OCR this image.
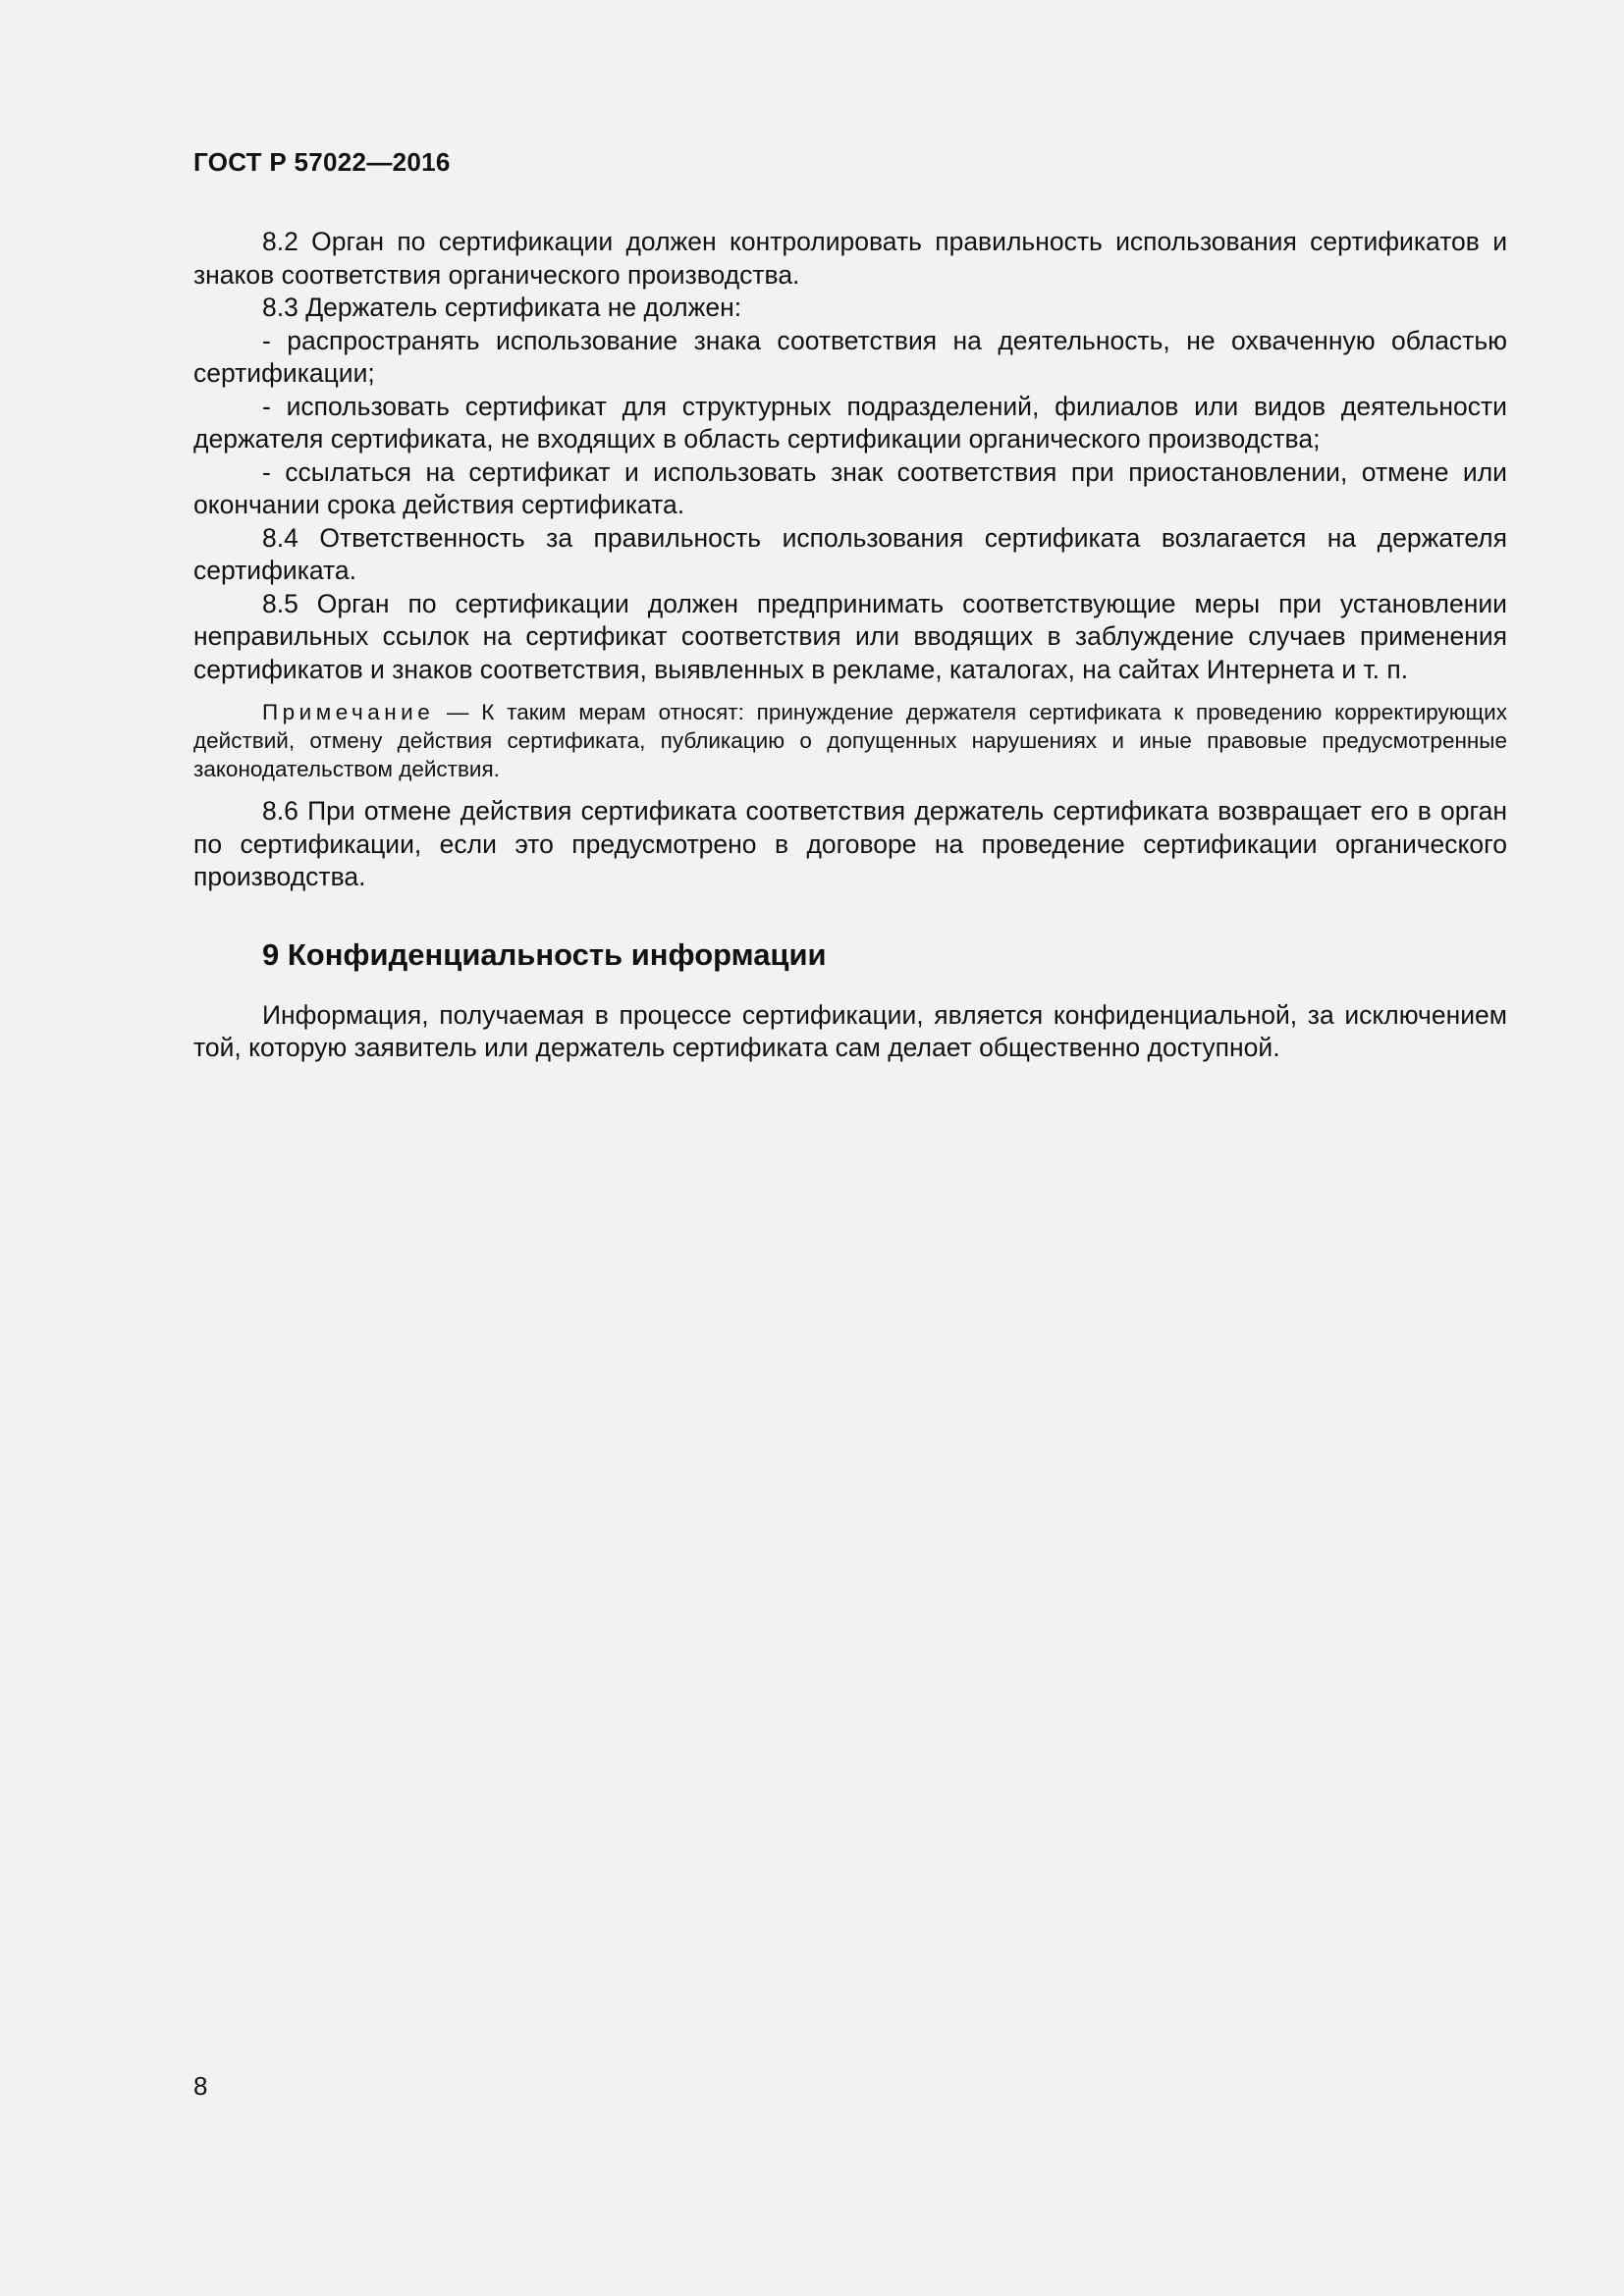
ГОСТ Р 57022—2016

8.2 Орган по сертификации должен контролировать правильность использования сертификатов и знаков соответствия органического производства.

8.3 Держатель сертификата не должен:

- распространять использование знака соответствия на деятельность, не охваченную областью сертификации;

- использовать сертификат для структурных подразделений, филиалов или видов деятельности держателя сертификата, не входящих в область сертификации органического производства;

- ссылаться на сертификат и использовать знак соответствия при приостановлении, отмене или окончании срока действия сертификата.

8.4 Ответственность за правильность использования сертификата возлагается на держателя сертификата.

8.5 Орган по сертификации должен предпринимать соответствующие меры при установлении неправильных ссылок на сертификат соответствия или вводящих в заблуждение случаев применения сертификатов и знаков соответствия, выявленных в рекламе, каталогах, на сайтах Интернета и т. п.

Примечание — К таким мерам относят: принуждение держателя сертификата к проведению корректирующих действий, отмену действия сертификата, публикацию о допущенных нарушениях и иные правовые предусмотренные законодательством действия.

8.6 При отмене действия сертификата соответствия держатель сертификата возвращает его в орган по сертификации, если это предусмотрено в договоре на проведение сертификации органического производства.

9 Конфиденциальность информации

Информация, получаемая в процессе сертификации, является конфиденциальной, за исключением той, которую заявитель или держатель сертификата сам делает общественно доступной.

8
